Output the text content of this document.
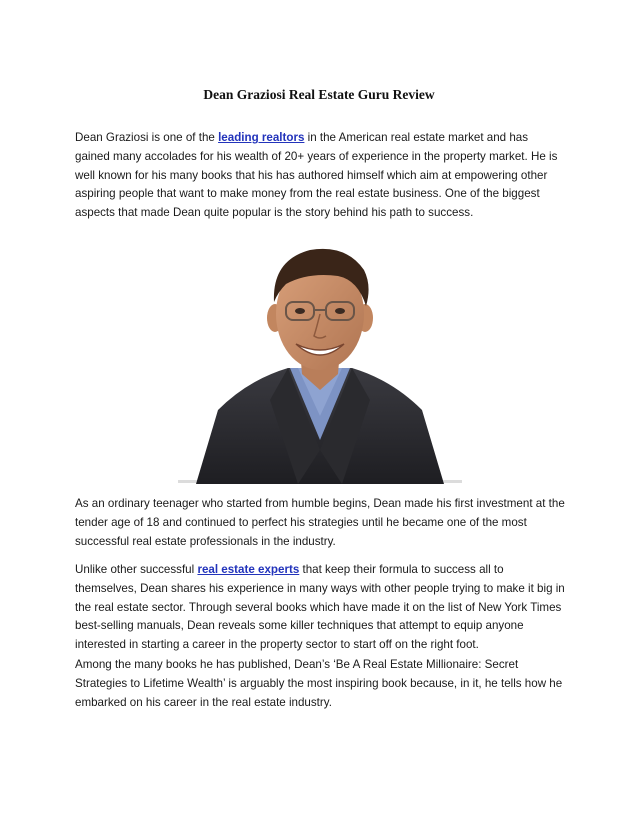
Dean Graziosi Real Estate Guru Review

Dean Graziosi is one of the leading realtors in the American real estate market and has gained many accolades for his wealth of 20+ years of experience in the property market. He is well known for his many books that his has authored himself which aim at empowering other aspiring people that want to make money from the real estate business. One of the biggest aspects that made Dean quite popular is the story behind his path to success.

As an ordinary teenager who started from humble begins, Dean made his first investment at the tender age of 18 and continued to perfect his strategies until he became one of the most successful real estate professionals in the industry.

Unlike other successful real estate experts that keep their formula to success all to themselves, Dean shares his experience in many ways with other people trying to make it big in the real estate sector. Through several books which have made it on the list of New York Times best-selling manuals, Dean reveals some killer techniques that attempt to equip anyone interested in starting a career in the property sector to start off on the right foot.

Among the many books he has published, Dean’s ‘Be A Real Estate Millionaire: Secret Strategies to Lifetime Wealth’ is arguably the most inspiring book because, in it, he tells how he embarked on his career in the real estate industry.
